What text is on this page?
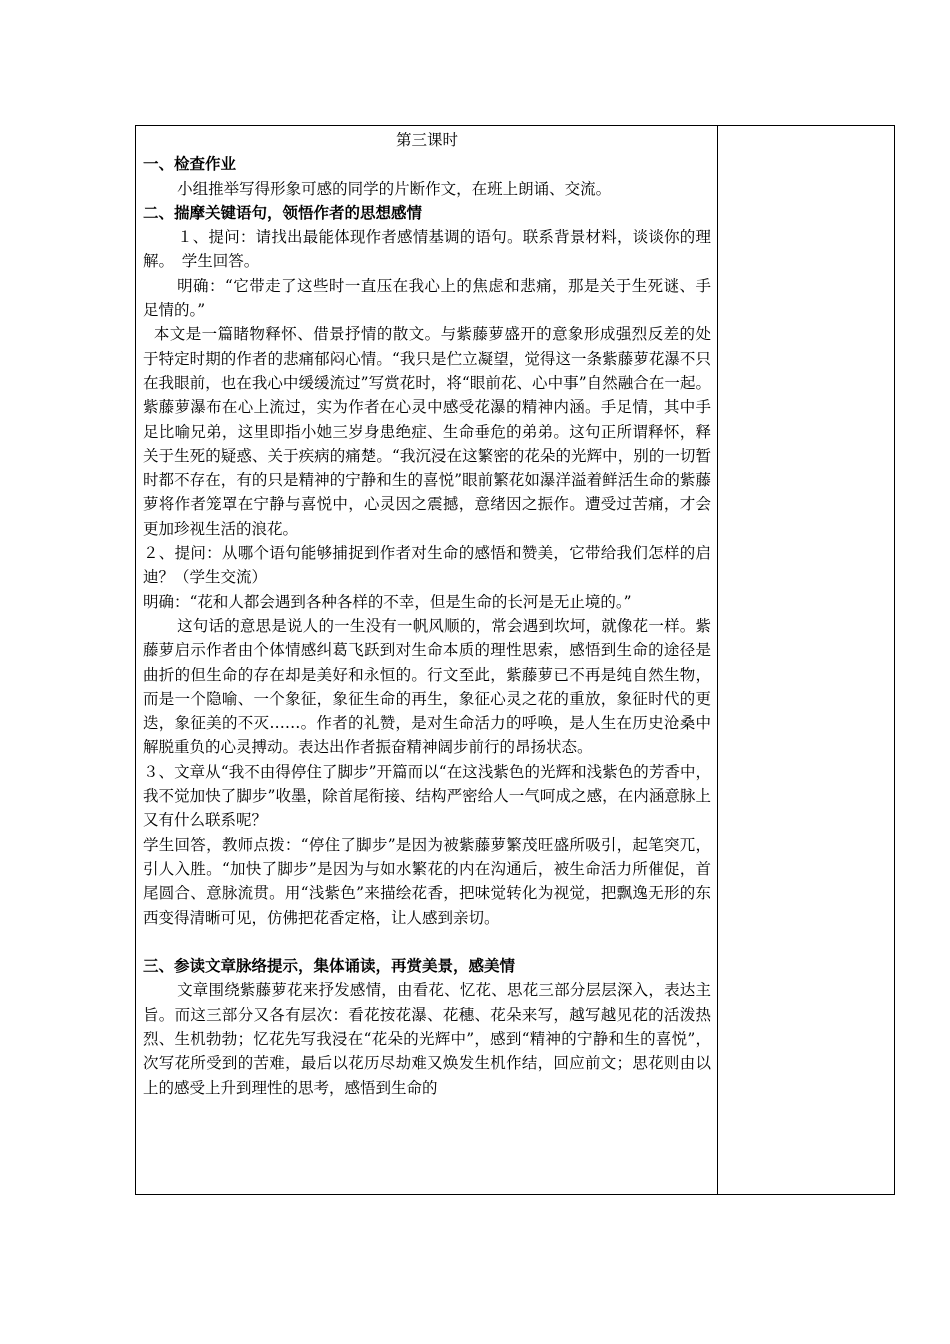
第三课时

一、检查作业

小组推举写得形象可感的同学的片断作文，在班上朗诵、交流。

二、揣摩关键语句，领悟作者的思想感情

１、提问：请找出最能体现作者感情基调的语句。联系背景材料，谈谈你的理解。　学生回答。

明确：“它带走了这些时一直压在我心上的焦虑和悲痛，那是关于生死谜、手足情的。”

本文是一篇睹物释怀、借景抒情的散文。与紫藤萝盛开的意象形成强烈反差的处于特定时期的作者的悲痛郁闷心情。“我只是伫立凝望，觉得这一条紫藤萝花瀑不只在我眼前，也在我心中缓缓流过”写赏花时，将“眼前花、心中事”自然融合在一起。紫藤萝瀑布在心上流过，实为作者在心灵中感受花瀑的精神内涵。手足情，其中手足比喻兄弟，这里即指小她三岁身患绝症、生命垂危的弟弟。这句正所谓释怀，释关于生死的疑惑、关于疾病的痛楚。“我沉浸在这繁密的花朵的光辉中，别的一切暂时都不存在，有的只是精神的宁静和生的喜悦”眼前繁花如瀑洋溢着鲜活生命的紫藤萝将作者笼罩在宁静与喜悦中，心灵因之震撼，意绪因之振作。遭受过苦痛，才会更加珍视生活的浪花。

２、提问：从哪个语句能够捕捉到作者对生命的感悟和赞美，它带给我们怎样的启迪？（学生交流）

明确：“花和人都会遇到各种各样的不幸，但是生命的长河是无止境的。”

这句话的意思是说人的一生没有一帆风顺的，常会遇到坎坷，就像花一样。紫藤萝启示作者由个体情感纠葛飞跃到对生命本质的理性思索，感悟到生命的途径是曲折的但生命的存在却是美好和永恒的。行文至此，紫藤萝已不再是纯自然生物，而是一个隐喻、一个象征，象征生命的再生，象征心灵之花的重放，象征时代的更迭，象征美的不灭……。作者的礼赞，是对生命活力的呼唤，是人生在历史沧桑中解脱重负的心灵搏动。表达出作者振奋精神阔步前行的昂扬状态。

３、文章从“我不由得停住了脚步”开篇而以“在这浅紫色的光辉和浅紫色的芳香中，我不觉加快了脚步”收墨，除首尾衔接、结构严密给人一气呵成之感，在内涵意脉上又有什么联系呢？

学生回答，教师点拨：“停住了脚步”是因为被紫藤萝繁茂旺盛所吸引，起笔突兀，引人入胜。“加快了脚步”是因为与如水繁花的内在沟通后，被生命活力所催促，首尾圆合、意脉流贯。用“浅紫色”来描绘花香，把味觉转化为视觉，把飘逸无形的东西变得清晰可见，仿佛把花香定格，让人感到亲切。

三、参读文章脉络提示，集体诵读，再赏美景，感美情

文章围绕紫藤萝花来抒发感情，由看花、忆花、思花三部分层层深入，表达主旨。而这三部分又各有层次：看花按花瀑、花穗、花朵来写，越写越见花的活泼热烈、生机勃勃；忆花先写我浸在“花朵的光辉中”，感到“精神的宁静和生的喜悦”，次写花所受到的苦难，最后以花历尽劫难又焕发生机作结，回应前文；思花则由以上的感受上升到理性的思考，感悟到生命的
